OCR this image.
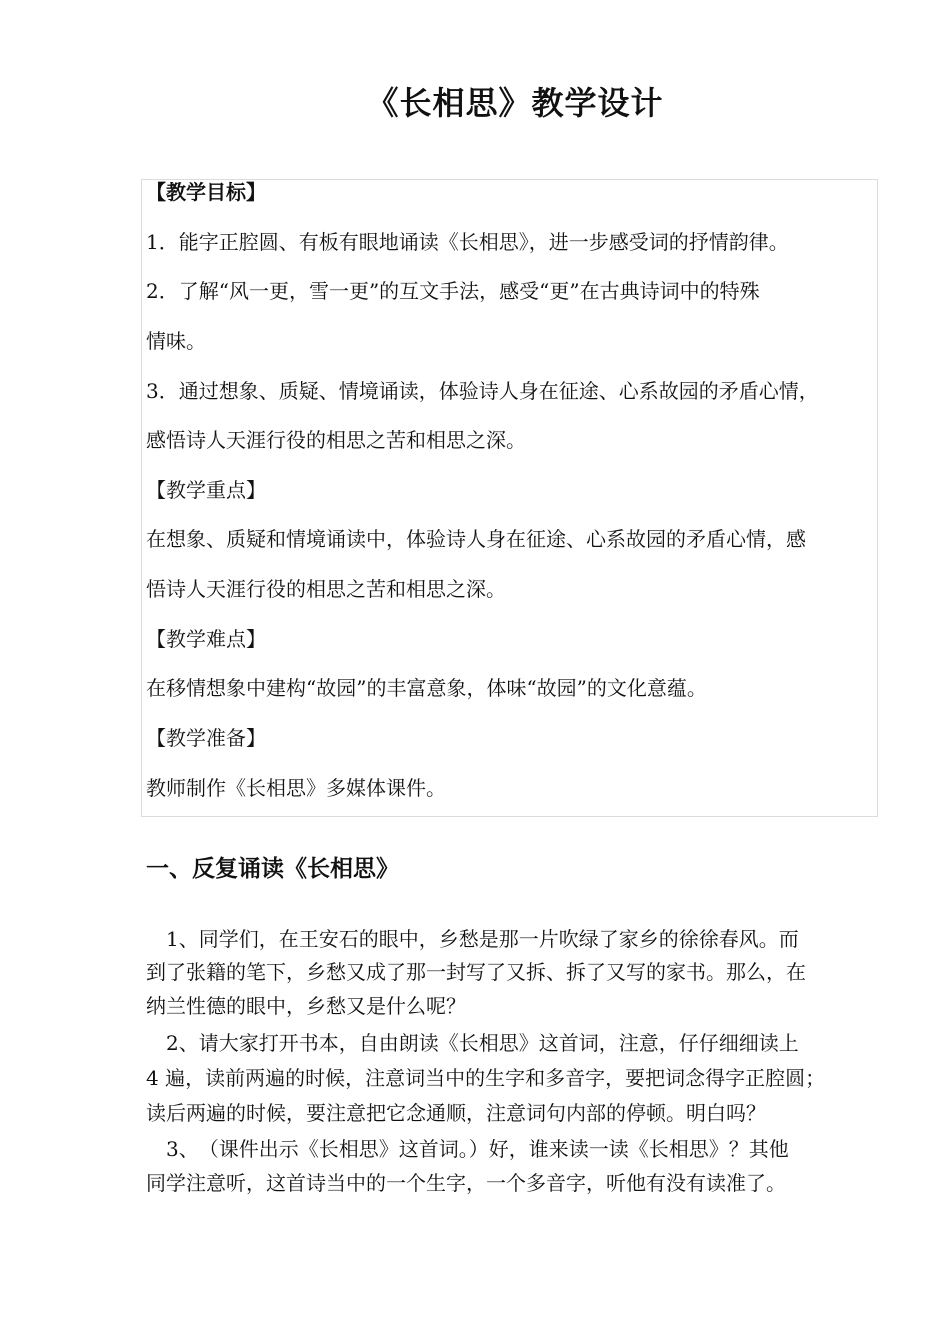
《长相思》教学设计
【教学目标】
1．能字正腔圆、有板有眼地诵读《长相思》，进一步感受词的抒情韵律。
2．了解“风一更，雪一更”的互文手法，感受“更”在古典诗词中的特殊
情味。
3．通过想象、质疑、情境诵读，体验诗人身在征途、心系故园的矛盾心情，
感悟诗人天涯行役的相思之苦和相思之深。
【教学重点】
在想象、质疑和情境诵读中，体验诗人身在征途、心系故园的矛盾心情，感
悟诗人天涯行役的相思之苦和相思之深。
【教学难点】
在移情想象中建构“故园”的丰富意象，体味“故园”的文化意蕴。
【教学准备】
教师制作《长相思》多媒体课件。
一、反复诵读《长相思》
　1、同学们，在王安石的眼中，乡愁是那一片吹绿了家乡的徐徐春风。而
到了张籍的笔下，乡愁又成了那一封写了又拆、拆了又写的家书。那么，在
纳兰性德的眼中，乡愁又是什么呢？
　2、请大家打开书本，自由朗读《长相思》这首词，注意，仔仔细细读上
4 遍，读前两遍的时候，注意词当中的生字和多音字，要把词念得字正腔圆；
读后两遍的时候，要注意把它念通顺，注意词句内部的停顿。明白吗？
　3、　（课件出示《长相思》这首词。）好，谁来读一读《长相思》？其他
同学注意听，这首诗当中的一个生字，一个多音字，听他有没有读准了。
